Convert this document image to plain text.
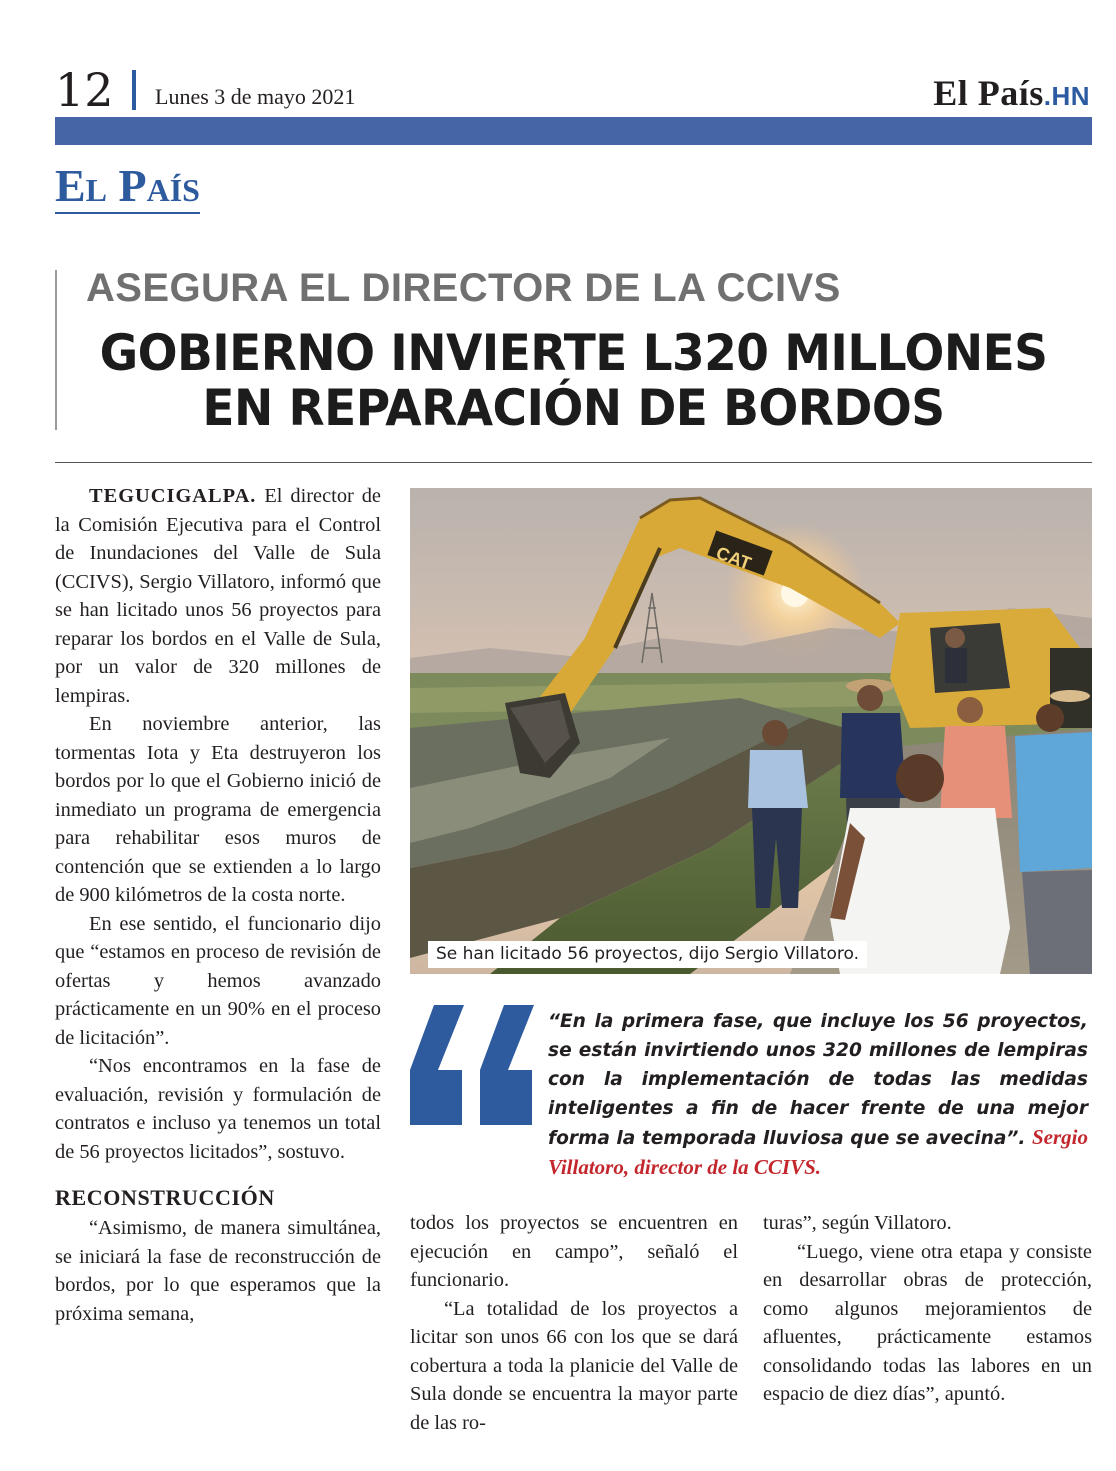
12 Lunes 3 de mayo 2021	El País.HN
El País
ASEGURA EL DIRECTOR DE LA CCIVS
GOBIERNO INVIERTE L320 MILLONES
EN REPARACIÓN DE BORDOS

TEGUCIGALPA. El director de la Comisión Ejecutiva para el Control de Inundaciones del Valle de Sula (CCIVS), Sergio Villatoro, informó que se han licitado unos 56 proyectos para reparar los bordos en el Valle de Sula, por un valor de 320 millones de lempiras.

En noviembre anterior, las tormentas Iota y Eta destruyeron los bordos por lo que el Gobierno inició de inmediato un programa de emergencia para rehabilitar esos muros de contención que se extienden a lo largo de 900 kilómetros de la costa norte.

En ese sentido, el funcionario dijo que “estamos en proceso de revisión de ofertas y hemos avanzado prácticamente en un 90% en el proceso de licitación”.

“Nos encontramos en la fase de evaluación, revisión y formulación de contratos e incluso ya tenemos un total de 56 proyectos licitados”, sostuvo.

RECONSTRUCCIÓN

“Asimismo, de manera simultánea, se iniciará la fase de reconstrucción de bordos, por lo que esperamos que la próxima semana,

CAT
Se han licitado 56 proyectos, dijo Sergio Villatoro.
“En la primera fase, que incluye los 56 proyectos, se están invirtiendo unos 320 millones de lempiras con la implementación de todas las medidas inteligentes a fin de hacer frente de una mejor forma la temporada lluviosa que se avecina”. Sergio Villatoro, director de la CCIVS.

todos los proyectos se encuentren en ejecución en campo”, señaló el funcionario.

“La totalidad de los proyectos a licitar son unos 66 con los que se dará cobertura a toda la planicie del Valle de Sula donde se encuentra la mayor parte de las ro-

turas”, según Villatoro.

“Luego, viene otra etapa y consiste en desarrollar obras de protección, como algunos mejoramientos de afluentes, prácticamente estamos consolidando todas las labores en un espacio de diez días”, apuntó.
